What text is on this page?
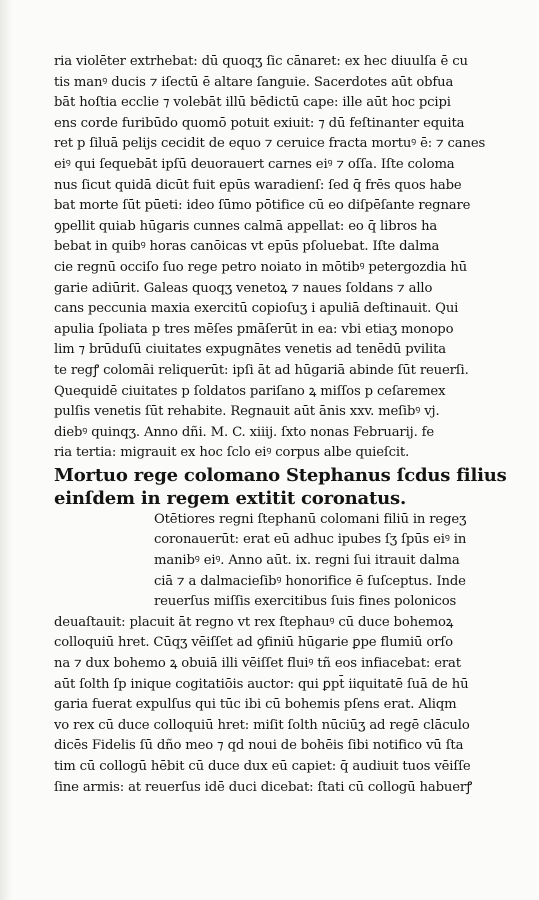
ria violēter extrhebat: dū quoqʒ ſic cānaret: ex hec diuulſa ē cu
tis manꝰ ducis ⁊ iſectū ē altare ſanguie. Sacerdotes aūt obfua
bāt hoſtia ecclie ⁊ volebāt illū bēdictū cape: ille aūt hoc pcipi
ens corde furibūdo quomō potuit exiuit: ⁊ dū feſtinanter equita
ret p ſiluā pelijs cecidit de equo ⁊ ceruice fracta mortuꝰ ē: ⁊ canes
eiꝰ qui ſequebāt ipſū deuorauert carnes eiꝰ ⁊ oſſa. Iſte coloma
nus ſicut quidā dicūt fuit epūs waradienſ: ſed q̄ frēs quos habe
bat morte ſūt pūeti: ideo ſūmo pōtifice cū eo diſpēſante regnare
ꝯpellit quiab hūgaris cunnes calmā appellat: eo q̄ libros ha
bebat in quibꝰ horas canōicas vt epūs pſoluebat. Iſte dalma
cie regnū occiſo ſuo rege petro noiato in mōtibꝰ petergozdia hū
garie adiūrit. Galeas quoqʒ venetoꝝ ⁊ naues ſoldans ⁊ allo
cans peccunia maxia exercitū copioſuʒ i apuliā deſtinauit. Qui
apulia ſpoliata p tres mēſes pmāſerūt in ea: vbi etiaʒ monopo
lim ⁊ brūduſū ciuitates expugnātes venetis ad tenēdū pvilita
te regꝭ colomāi reliquerūt: ipſi āt ad hūgariā abinde ſūt reuerſi.
Quequidē ciuitates p ſoldatos pariſano ꝝ miſſos p ceſaremex
pulſis venetis ſūt rehabite. Regnauit aūt ānis xxv. meſibꝰ vj.
diebꝰ quinqʒ. Anno dñi. M. C. xiiij. ſxto nonas Februarij. fe
ria tertia: migrauit ex hoc ſclo eiꝰ corpus albe quieſcit.
Mortuo rege colomano Stephanus ſcdus filius
einſdem in regem extitit coronatus.
Otētiores regni ſtephanū colomani filiū in regeʒ
coronauerūt: erat eū adhuc ipubes ſʒ ſpūs eiꝰ in
manibꝰ eiꝰ. Anno aūt. ix. regni ſui itrauit dalma
ciā ⁊ a dalmacieſibꝰ honorifice ē ſuſceptus. Inde
reuerſus miſſis exercitibus ſuis fines polonicos
deuaſtauit: placuit āt regno vt rex ſtephauꝰ cū duce bohemoꝝ
colloquiū hret. Cūqʒ vēiſſet ad ꝯfiniū hūgarie ꝑpe flumiū orſo
na ⁊ dux bohemo ꝝ obuiā illi vēiſſet fluiꝰ tñ eos infiacebat: erat
aūt ſolth ſp inique cogitatiōis auctor: qui ꝑpt̄ iiquitatē ſuā de hū
garia fuerat expulſus qui tūc ibi cū bohemis pſens erat. Aliqm
vo rex cū duce colloquiū hret: miſit ſolth nūciūʒ ad regē clāculo
dicēs Fidelis ſū dño meo ⁊ qd noui de bohēis ſibi notifico vū ſta
tim cū collogū hēbit cū duce dux eū capiet: q̄ audiuit tuos vēiſſe
ſine armis: at reuerſus idē duci dicebat: ſtati cū collogū habuerꝭ
